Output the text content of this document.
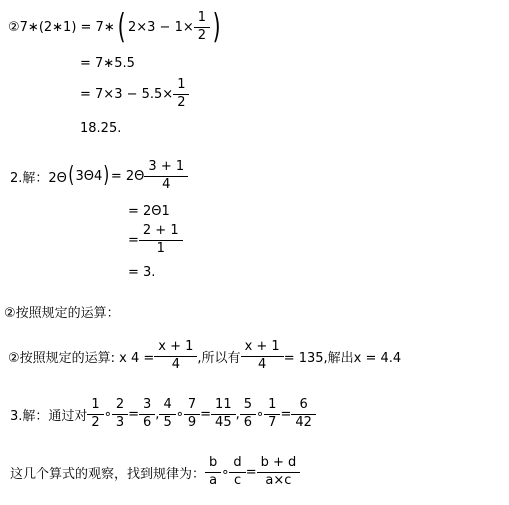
②7∗(2∗1) = 7∗ ( $2\times 3 - 1\times \frac{1}{2}$ )
= 7∗5.5
= $7\times 3 - 5.5\times \frac{1}{2}$
18.25.
2.解：2Θ ( 3Θ4 ) = $2\Theta \frac{3 + 1}{4}$
= 2Θ1
= $\frac{2 + 1}{1}$
= 3.
②按照规定的运算：
②按照规定的运算: x $4 = \frac{x + 1}{4}$ ,所以有 $\frac{x + 1}{4} = 135$,解出x = 4.4
3.解：通过对 $\frac{1}{2}$ ∘ $\frac{2}{3} = \frac{3}{6}$ , $\frac{4}{5}$ ∘ $\frac{7}{9} = \frac{11}{45}$ , $\frac{5}{6}$ ∘ $\frac{1}{7} = \frac{6}{42}$
这几个算式的观察，找到规律为： $\frac{b}{a}$ ∘ $\frac{d}{c} = \frac{b + d}{a\times c}$
